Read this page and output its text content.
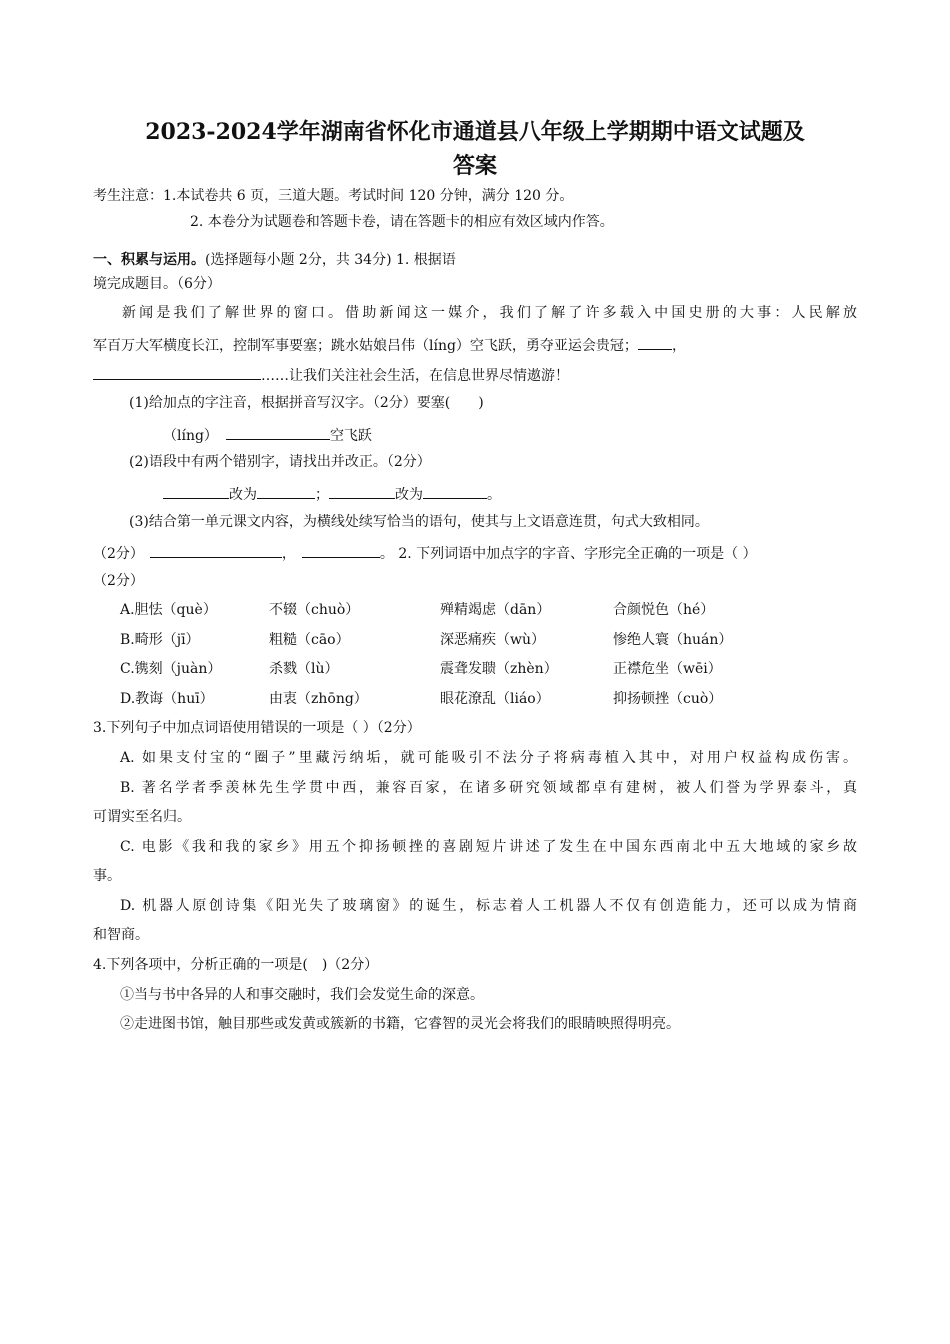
2023-2024学年湖南省怀化市通道县八年级上学期期中语文试题及
答案
考生注意：1.本试卷共 6 页，三道大题。考试时间 120 分钟，满分 120 分。
2. 本卷分为试题卷和答题卡卷，请在答题卡的相应有效区域内作答。
一、积累与运用。(选择题每小题 2分，共 34分) 1. 根据语
境完成题目。（6分）
新闻是我们了解世界的窗口。借助新闻这一媒介，我们了解了许多载入中国史册的大事：人民解放
军百万大军横度长江，控制军事要塞；跳水姑娘吕伟（líng）空飞跃，勇夺亚运会贵冠； ，
……让我们关注社会生活，在信息世界尽情遨游！
(1)给加点的字注音，根据拼音写汉字。（2分）要塞(　　)
（líng）	空飞跃
(2)语段中有两个错别字，请找出并改正。（2分）
改为	；	改为	。
(3)结合第一单元课文内容，为横线处续写恰当的语句，使其与上文语意连贯，句式大致相同。
（2分）	，	。 2. 下列词语中加点字的字音、字形完全正确的一项是（ ）
（2分）
A.胆怯（què）	不辍（chuò）	殚精竭虑（dān）	合颜悦色（hé）
B.畸形（jī）	粗糙（cāo）	深恶痛疾（wù）	惨绝人寰（huán）
C.镌刻（juàn）	杀戮（lù）	震聋发聩（zhèn）	正襟危坐（wēi）
D.教诲（huī）	由衷（zhōng）	眼花潦乱（liáo）	抑扬顿挫（cuò）
3.下列句子中加点词语使用错误的一项是（ ）（2分）
A. 如果支付宝的“圈子”里藏污纳垢，就可能吸引不法分子将病毒植入其中，对用户权益构成伤害。
B. 著名学者季羡林先生学贯中西，兼容百家，在诸多研究领域都卓有建树，被人们誉为学界泰斗，真
可谓实至名归。
C. 电影《我和我的家乡》用五个抑扬顿挫的喜剧短片讲述了发生在中国东西南北中五大地域的家乡故
事。
D. 机器人原创诗集《阳光失了玻璃窗》的诞生，标志着人工机器人不仅有创造能力，还可以成为情商
和智商。
4.下列各项中，分析正确的一项是(　)（2分）
①当与书中各异的人和事交融时，我们会发觉生命的深意。
②走进图书馆，触目那些或发黄或簇新的书籍，它睿智的灵光会将我们的眼睛映照得明亮。
